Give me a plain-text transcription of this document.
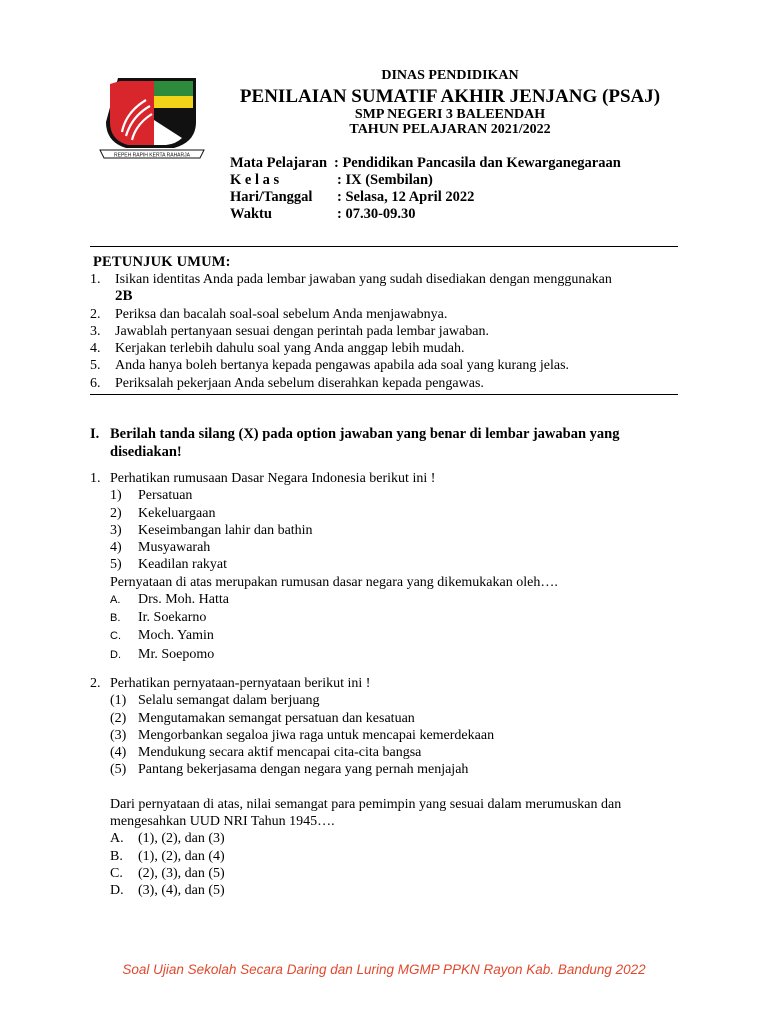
REPEH RAPIH KERTA RAHARJA
DINAS PENDIDIKAN
PENILAIAN SUMATIF AKHIR JENJANG (PSAJ)
SMP NEGERI 3 BALEENDAH
TAHUN PELAJARAN 2021/2022
Mata Pelajaran : Pendidikan Pancasila dan Kewarganegaraan
K e l a s	: IX (Sembilan)
Hari/Tanggal : Selasa, 12 April 2022
Waktu	: 07.30-09.30
PETUNJUK UMUM:
1. Isikan identitas Anda pada lembar jawaban yang sudah disediakan dengan menggunakan
2B
2. Periksa dan bacalah soal-soal sebelum Anda menjawabnya.
3. Jawablah pertanyaan sesuai dengan perintah pada lembar jawaban.
4. Kerjakan terlebih dahulu soal yang Anda anggap lebih mudah.
5. Anda hanya boleh bertanya kepada pengawas apabila ada soal yang kurang jelas.
6. Periksalah pekerjaan Anda sebelum diserahkan kepada pengawas.
I. Berilah tanda silang (X) pada option jawaban yang benar di lembar jawaban yang disediakan!
1. Perhatikan rumusaan Dasar Negara Indonesia berikut ini !
1) Persatuan
2) Kekeluargaan
3) Keseimbangan lahir dan bathin
4) Musyawarah
5) Keadilan rakyat
Pernyataan di atas merupakan rumusan dasar negara yang dikemukakan oleh….
A. Drs. Moh. Hatta
B. Ir. Soekarno
C. Moch. Yamin
D. Mr. Soepomo
2. Perhatikan pernyataan-pernyataan berikut ini !
(1) Selalu semangat dalam berjuang
(2) Mengutamakan semangat persatuan dan kesatuan
(3) Mengorbankan segaloa jiwa raga untuk mencapai kemerdekaan
(4) Mendukung secara aktif mencapai cita-cita bangsa
(5) Pantang bekerjasama dengan negara yang pernah menjajah
Dari pernyataan di atas, nilai semangat para pemimpin yang sesuai dalam merumuskan dan mengesahkan UUD NRI Tahun 1945….
A. (1), (2), dan (3)
B. (1), (2), dan (4)
C. (2), (3), dan (5)
D. (3), (4), dan (5)
Soal Ujian Sekolah Secara Daring dan Luring MGMP PPKN Rayon Kab. Bandung 2022
